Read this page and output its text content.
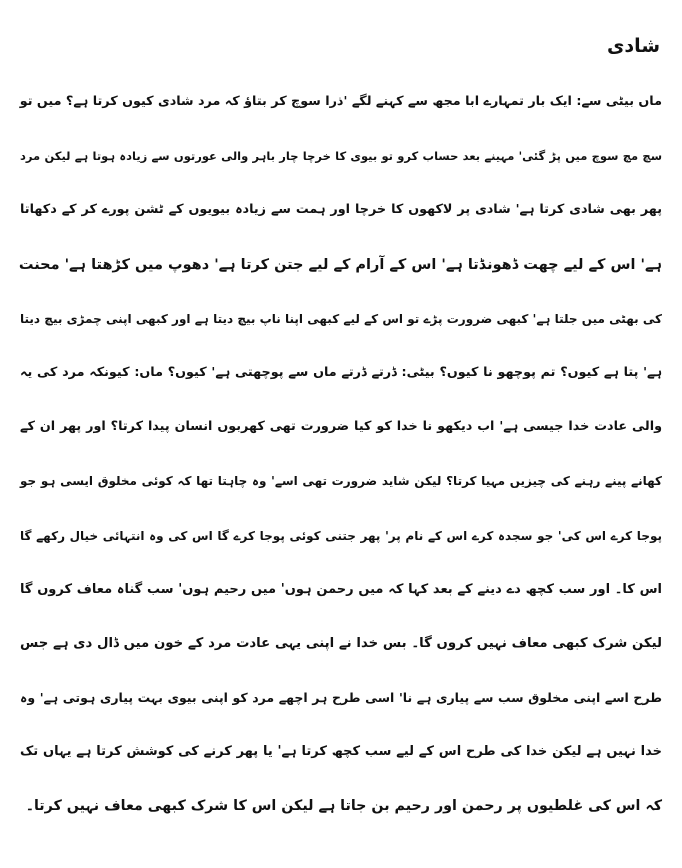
شادی
ماں بیٹی سے: ایک بار تمہارے ابا مجھ سے کہنے لگے 'ذرا سوچ کر بتاؤ کہ مرد شادی کیوں کرتا ہے؟ میں تو
سچ مچ سوچ میں پڑ گئی' مہینے بعد حساب کرو تو بیوی کا خرچا چار باہر والی عورتوں سے زیادہ ہوتا ہے لیکن مرد
پھر بھی شادی کرتا ہے' شادی پر لاکھوں کا خرچا اور ہمت سے زیادہ بیویوں کے ٹشن پورے کر کے دکھاتا
ہے' اس کے لیے چھت ڈھونڈتا ہے' اس کے آرام کے لیے جتن کرتا ہے' دھوپ میں کڑھتا ہے' محنت
کی بھٹی میں جلتا ہے' کبھی ضرورت پڑے تو اس کے لیے کبھی اپنا ناپ بیچ دیتا ہے اور کبھی اپنی چمڑی بیچ دیتا
ہے' پتا ہے کیوں؟ تم پوچھو نا کیوں؟ بیٹی: ڈرتے ڈرتے ماں سے پوچھتی ہے' کیوں؟ ماں: کیونکہ مرد کی یہ
والی عادت خدا جیسی ہے' اب دیکھو نا خدا کو کیا ضرورت تھی کھربوں انسان پیدا کرتا؟ اور پھر ان کے
کھانے پینے رہنے کی چیزیں مہیا کرتا؟ لیکن شاید ضرورت تھی اسے' وہ چاہتا تھا کہ کوئی مخلوق ایسی ہو جو
پوجا کرے اس کی' جو سجدہ کرے اس کے نام پر' پھر جتنی کوئی پوجا کرے گا اس کی وہ انتہائی خیال رکھے گا
اس کا۔ اور سب کچھ دے دینے کے بعد کہا کہ میں رحمن ہوں' میں رحیم ہوں' سب گناہ معاف کروں گا
لیکن شرک کبھی معاف نہیں کروں گا۔ بس خدا نے اپنی یہی عادت مرد کے خون میں ڈال دی ہے جس
طرح اسے اپنی مخلوق سب سے پیاری ہے نا' اسی طرح ہر اچھے مرد کو اپنی بیوی بہت پیاری ہوتی ہے' وہ
خدا نہیں ہے لیکن خدا کی طرح اس کے لیے سب کچھ کرتا ہے' یا پھر کرنے کی کوشش کرتا ہے یہاں تک
کہ اس کی غلطیوں پر رحمن اور رحیم بن جاتا ہے لیکن اس کا شرک کبھی معاف نہیں کرتا۔
